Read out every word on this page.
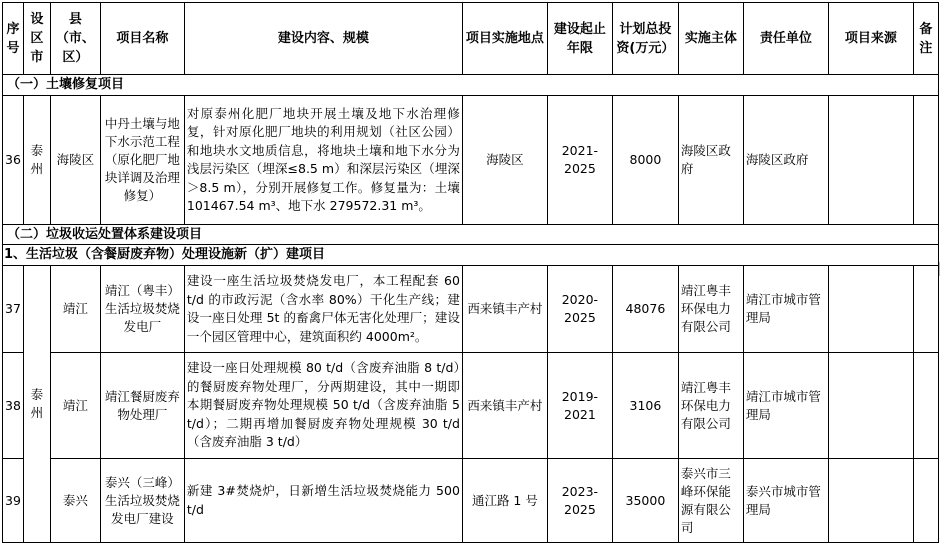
序号	设区市	县（市、区）	项目名称	建设内容、规模	项目实施地点	建设起止年限	计划总投资(万元）	实施主体	责任单位	项目来源	备注
（一）土壤修复项目											
36	泰州	海陵区	中丹土壤与地下水示范工程（原化肥厂地块详调及治理修复）	对原泰州化肥厂地块开展土壤及地下水治理修复，针对原化肥厂地块的利用规划（社区公园）和地块水文地质信息，将地块土壤和地下水分为浅层污染区（埋深≤8.5 m）和深层污染区（埋深＞8.5 m），分别开展修复工作。修复量为：土壤 101467.54 m³、地下水 279572.31 m³。	海陵区	2021-2025	8000	海陵区政府	海陵区政府		
（二）垃圾收运处置体系建设项目											
1、生活垃圾（含餐厨废弃物）处理设施新（扩）建项目											
37	泰州	靖江	靖江（粤丰）生活垃圾焚烧发电厂	建设一座生活垃圾焚烧发电厂，本工程配套 60 t/d 的市政污泥（含水率 80%）干化生产线；建设一座日处理 5t 的畜禽尸体无害化处理厂；建设一个园区管理中心，建筑面积约 4000m²。	西来镇丰产村	2020-2025	48076	靖江粤丰环保电力有限公司	靖江市城市管理局		
38		靖江	靖江餐厨废弃物处理厂	建设一座日处理规模 80 t/d（含废弃油脂 8 t/d）的餐厨废弃物处理厂，分两期建设，其中一期即本期餐厨废弃物处理规模 50 t/d（含废弃油脂 5 t/d）；二期再增加餐厨废弃物处理规模 30 t/d（含废弃油脂 3 t/d）	西来镇丰产村	2019-2021	3106	靖江粤丰环保电力有限公司	靖江市城市管理局		
39		泰兴	泰兴（三峰）生活垃圾焚烧发电厂建设	新建 3#焚烧炉，日新增生活垃圾焚烧能力 500 t/d	通江路 1 号	2023-2025	35000	泰兴市三峰环保能源有限公司	泰兴市城市管理局		
